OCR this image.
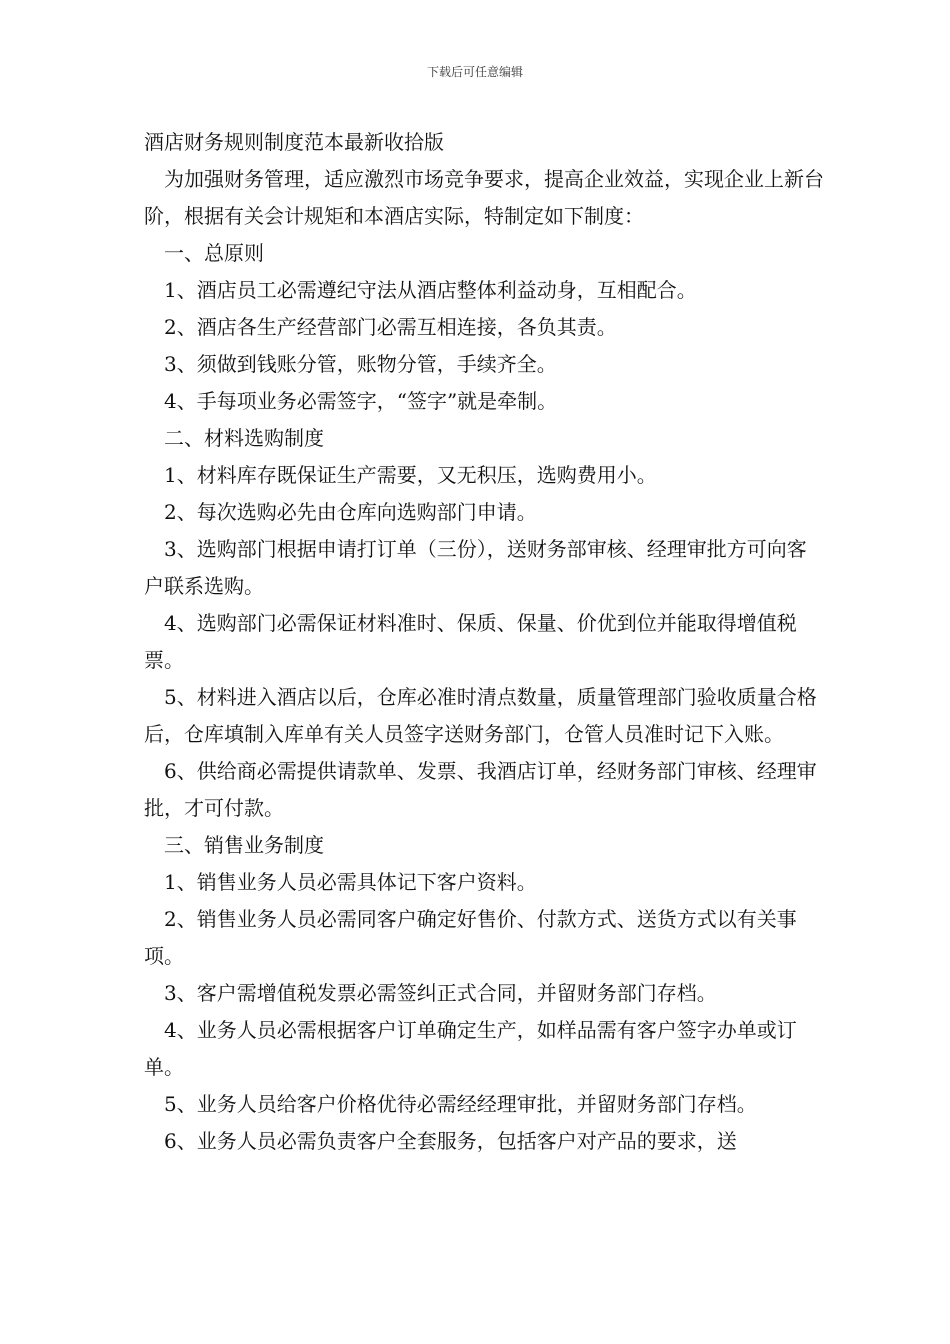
下载后可任意编辑
酒店财务规则制度范本最新收拾版

　为加强财务管理，适应激烈市场竞争要求，提高企业效益，实现企业上新台阶，根据有关会计规矩和本酒店实际，特制定如下制度：

　一、总原则

　1、酒店员工必需遵纪守法从酒店整体利益动身，互相配合。

　2、酒店各生产经营部门必需互相连接，各负其责。

　3、须做到钱账分管，账物分管，手续齐全。

　4、手每项业务必需签字，“签字”就是牵制。

　二、材料选购制度

　1、材料库存既保证生产需要，又无积压，选购费用小。

　2、每次选购必先由仓库向选购部门申请。

　3、选购部门根据申请打订单（三份），送财务部审核、经理审批方可向客户联系选购。

　4、选购部门必需保证材料准时、保质、保量、价优到位并能取得增值税票。

　5、材料进入酒店以后，仓库必准时清点数量，质量管理部门验收质量合格后，仓库填制入库单有关人员签字送财务部门，仓管人员准时记下入账。

　6、供给商必需提供请款单、发票、我酒店订单，经财务部门审核、经理审批，才可付款。

　三、销售业务制度

　1、销售业务人员必需具体记下客户资料。

　2、销售业务人员必需同客户确定好售价、付款方式、送货方式以有关事项。

　3、客户需增值税发票必需签纠正式合同，并留财务部门存档。

　4、业务人员必需根据客户订单确定生产，如样品需有客户签字办单或订单。

　5、业务人员给客户价格优待必需经经理审批，并留财务部门存档。

　6、业务人员必需负责客户全套服务，包括客户对产品的要求，送
